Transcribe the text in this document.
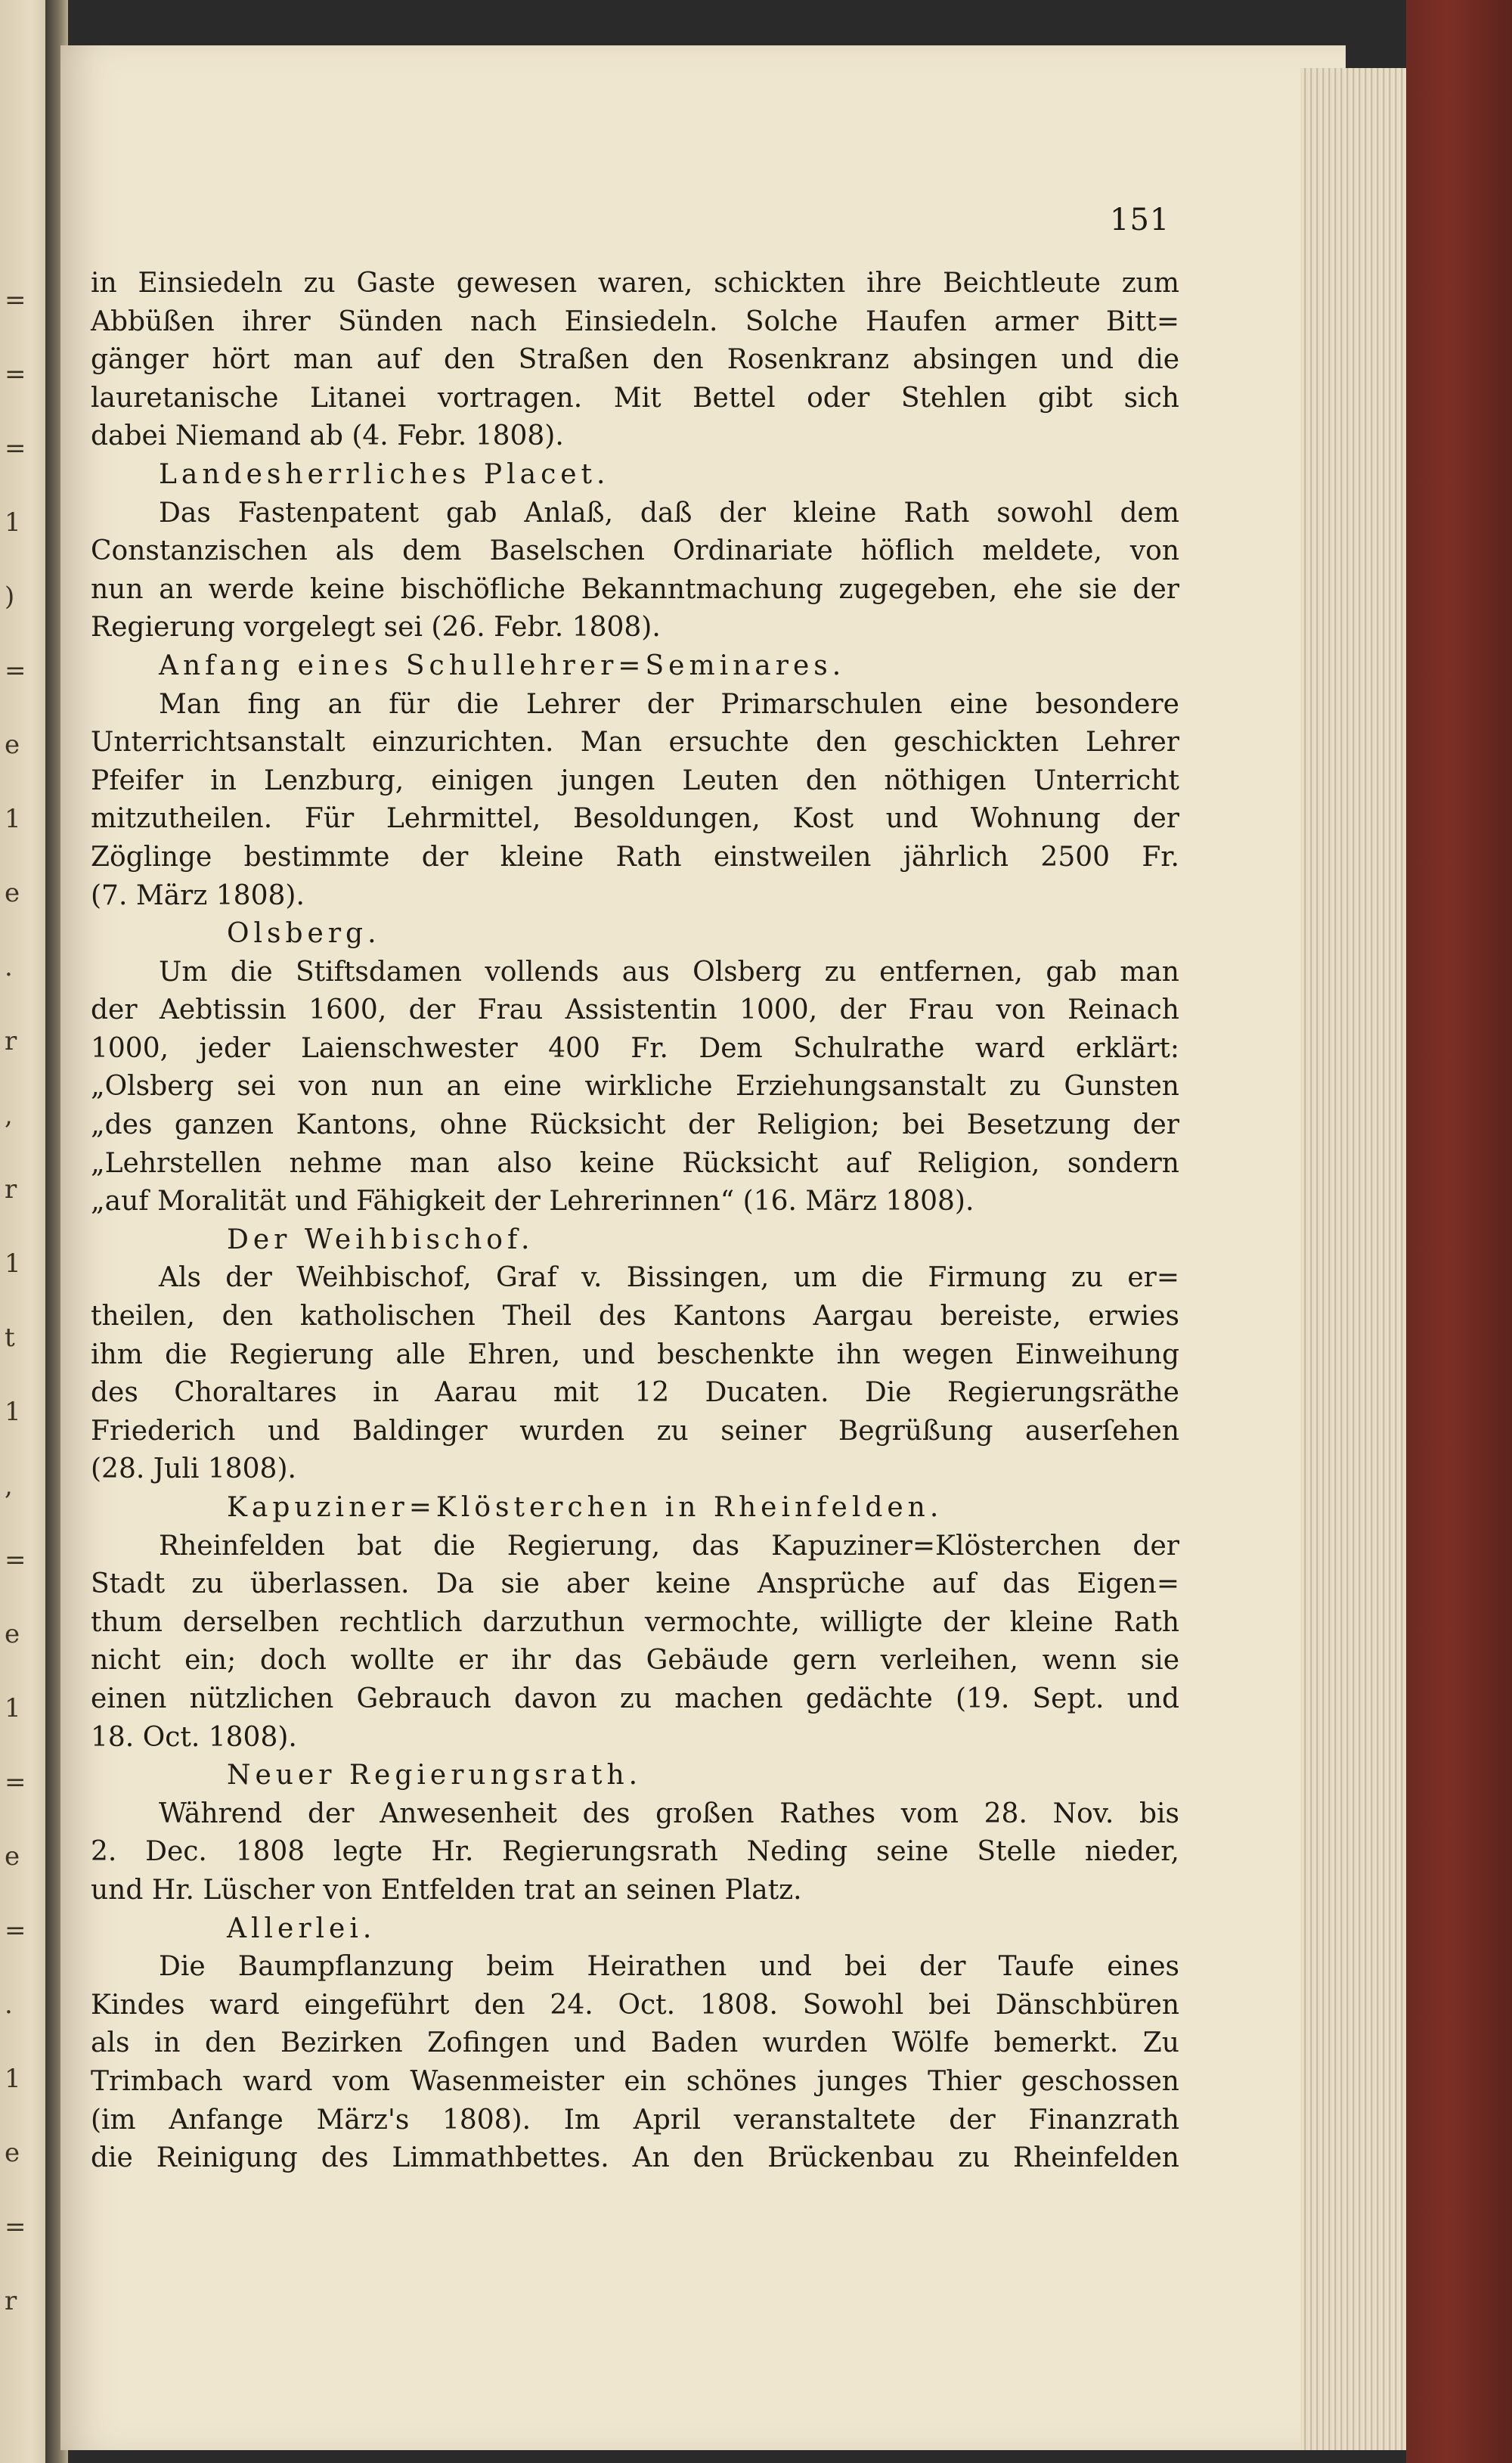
=
=
=
1
)
=
e
1
e
.
r
,
r
1
t
1
,
=
e
1
=
e
=
.
1
e
=
r
151
in Einsiedeln zu Gaste gewesen waren, schickten ihre Beichtleute zum
Abbüßen ihrer Sünden nach Einsiedeln. Solche Haufen armer Bitt=
gänger hört man auf den Straßen den Rosenkranz absingen und die
lauretanische Litanei vortragen. Mit Bettel oder Stehlen gibt sich
dabei Niemand ab (4. Febr. 1808).
Landesherrliches Placet.
Das Fastenpatent gab Anlaß, daß der kleine Rath sowohl dem
Constanzischen als dem Baselschen Ordinariate höflich meldete, von
nun an werde keine bischöfliche Bekanntmachung zugegeben, ehe sie der
Regierung vorgelegt sei (26. Febr. 1808).
Anfang eines Schullehrer=Seminares.
Man fing an für die Lehrer der Primarschulen eine besondere
Unterrichtsanstalt einzurichten. Man ersuchte den geschickten Lehrer
Pfeifer in Lenzburg, einigen jungen Leuten den nöthigen Unterricht
mitzutheilen. Für Lehrmittel, Besoldungen, Kost und Wohnung der
Zöglinge bestimmte der kleine Rath einstweilen jährlich 2500 Fr.
(7. März 1808).
Olsberg.
Um die Stiftsdamen vollends aus Olsberg zu entfernen, gab man
der Aebtissin 1600, der Frau Assistentin 1000, der Frau von Reinach
1000, jeder Laienschwester 400 Fr. Dem Schulrathe ward erklärt:
„Olsberg sei von nun an eine wirkliche Erziehungsanstalt zu Gunsten
„des ganzen Kantons, ohne Rücksicht der Religion; bei Besetzung der
„Lehrstellen nehme man also keine Rücksicht auf Religion, sondern
„auf Moralität und Fähigkeit der Lehrerinnen“ (16. März 1808).
Der Weihbischof.
Als der Weihbischof, Graf v. Bissingen, um die Firmung zu er=
theilen, den katholischen Theil des Kantons Aargau bereiste, erwies
ihm die Regierung alle Ehren, und beschenkte ihn wegen Einweihung
des Choraltares in Aarau mit 12 Ducaten. Die Regierungsräthe
Friederich und Baldinger wurden zu seiner Begrüßung auserſehen
(28. Juli 1808).
Kapuziner=Klösterchen in Rheinfelden.
Rheinfelden bat die Regierung, das Kapuziner=Klösterchen der
Stadt zu überlassen. Da sie aber keine Ansprüche auf das Eigen=
thum derselben rechtlich darzuthun vermochte, willigte der kleine Rath
nicht ein; doch wollte er ihr das Gebäude gern verleihen, wenn sie
einen nützlichen Gebrauch davon zu machen gedächte (19. Sept. und
18. Oct. 1808).
Neuer Regierungsrath.
Während der Anwesenheit des großen Rathes vom 28. Nov. bis
2. Dec. 1808 legte Hr. Regierungsrath Neding seine Stelle nieder,
und Hr. Lüscher von Entfelden trat an seinen Platz.
Allerlei.
Die Baumpflanzung beim Heirathen und bei der Taufe eines
Kindes ward eingeführt den 24. Oct. 1808. Sowohl bei Dänschbüren
als in den Bezirken Zofingen und Baden wurden Wölfe bemerkt. Zu
Trimbach ward vom Wasenmeister ein schönes junges Thier geschossen
(im Anfange März's 1808). Im April veranstaltete der Finanzrath
die Reinigung des Limmathbettes. An den Brückenbau zu Rheinfelden
